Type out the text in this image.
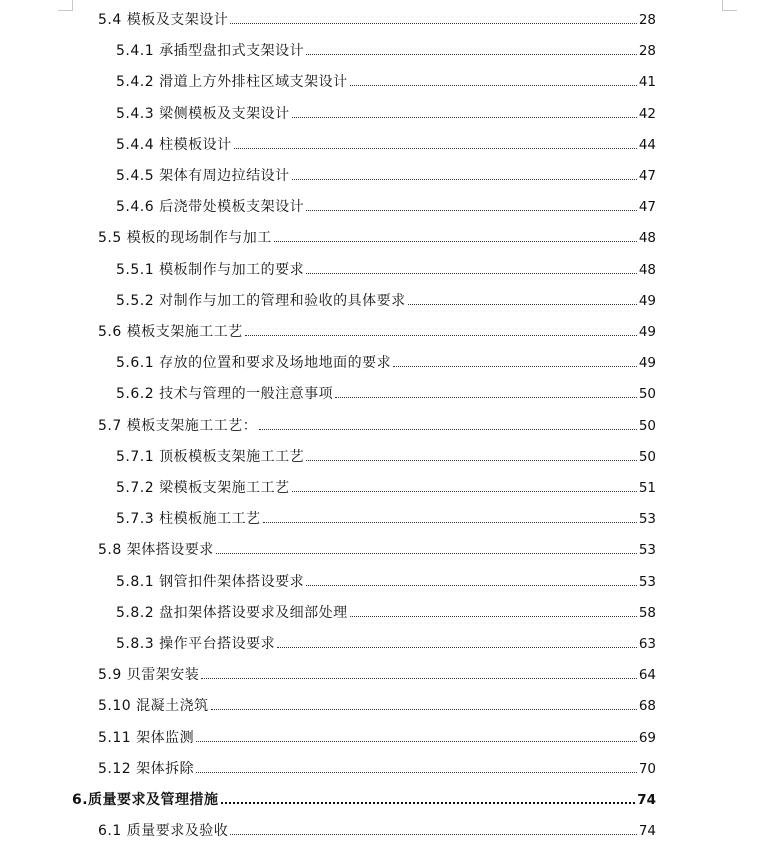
5.4 模板及支架设计	28
5.4.1 承插型盘扣式支架设计	28
5.4.2 滑道上方外排柱区域支架设计	41
5.4.3 梁侧模板及支架设计	42
5.4.4 柱模板设计	44
5.4.5 架体有周边拉结设计	47
5.4.6 后浇带处模板支架设计	47
5.5 模板的现场制作与加工	48
5.5.1 模板制作与加工的要求	48
5.5.2 对制作与加工的管理和验收的具体要求	49
5.6 模板支架施工工艺	49
5.6.1 存放的位置和要求及场地地面的要求	49
5.6.2 技术与管理的一般注意事项	50
5.7 模板支架施工工艺：	50
5.7.1 顶板模板支架施工工艺	50
5.7.2 梁模板支架施工工艺	51
5.7.3 柱模板施工工艺	53
5.8 架体搭设要求	53
5.8.1 钢管扣件架体搭设要求	53
5.8.2 盘扣架体搭设要求及细部处理	58
5.8.3 操作平台搭设要求	63
5.9 贝雷架安装	64
5.10 混凝土浇筑	68
5.11 架体监测	69
5.12 架体拆除	70
6.质量要求及管理措施	74
6.1 质量要求及验收	74
